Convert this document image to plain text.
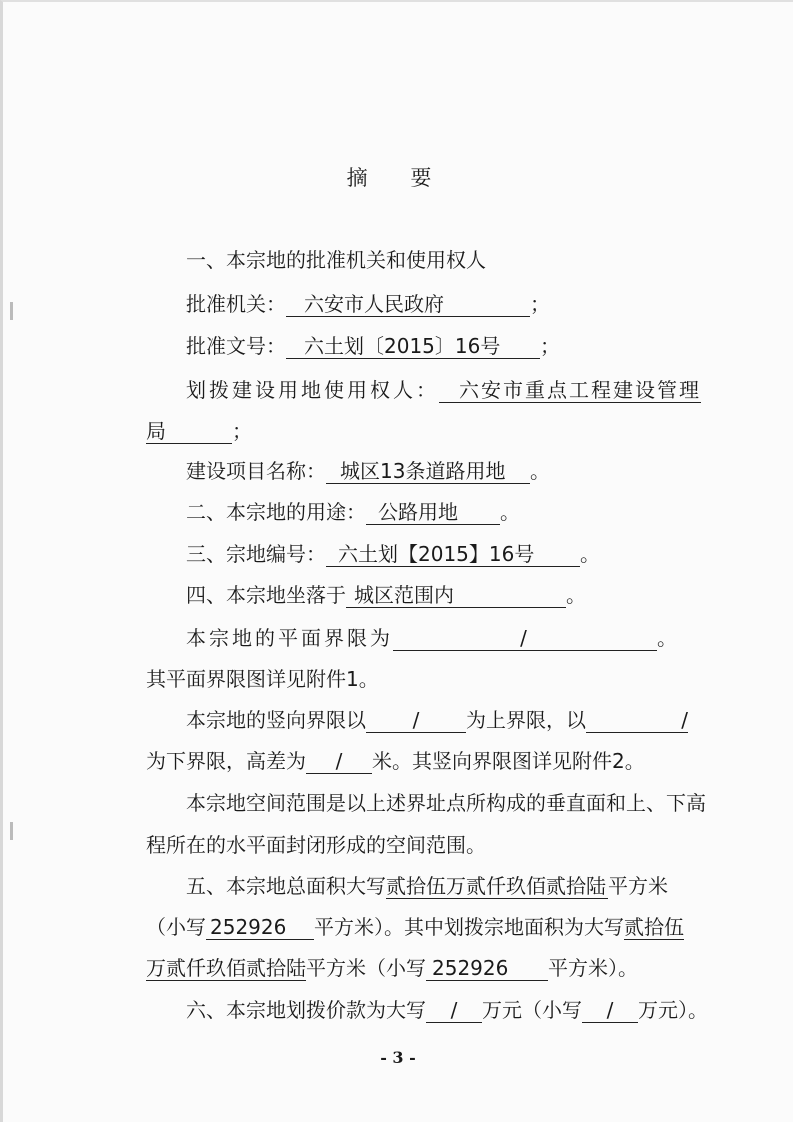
摘 要
一、本宗地的批准机关和使用权人
批准机关： 六安市人民政府	；
批准文号： 六土划〔2015〕16号 ；
划拨建设用地使用权人： 六安市重点工程建设管理
局	；
建设项目名称： 城区13条道路用地 。
二、本宗地的用途： 公路用地 。
三、宗地编号： 六土划【2015】16号 。
四、本宗地坐落于 城区范围内	。
本宗地的平面界限为	/	。
其平面界限图详见附件1。
本宗地的竖向界限以 / 为上界限，以	/
为下界限，高差为 / 米。其竖向界限图详见附件2。
本宗地空间范围是以上述界址点所构成的垂直面和上、下高
程所在的水平面封闭形成的空间范围。
五、本宗地总面积大写贰拾伍万贰仟玖佰贰拾陆 平方米
（小写 252926 平方米）。其中划拨宗地面积为大写贰拾伍
万贰仟玖佰贰拾陆平方米（小写 252926 平方米）。
六、本宗地划拨价款为大写 / 万元（小写 / 万元）。
- 3 -
